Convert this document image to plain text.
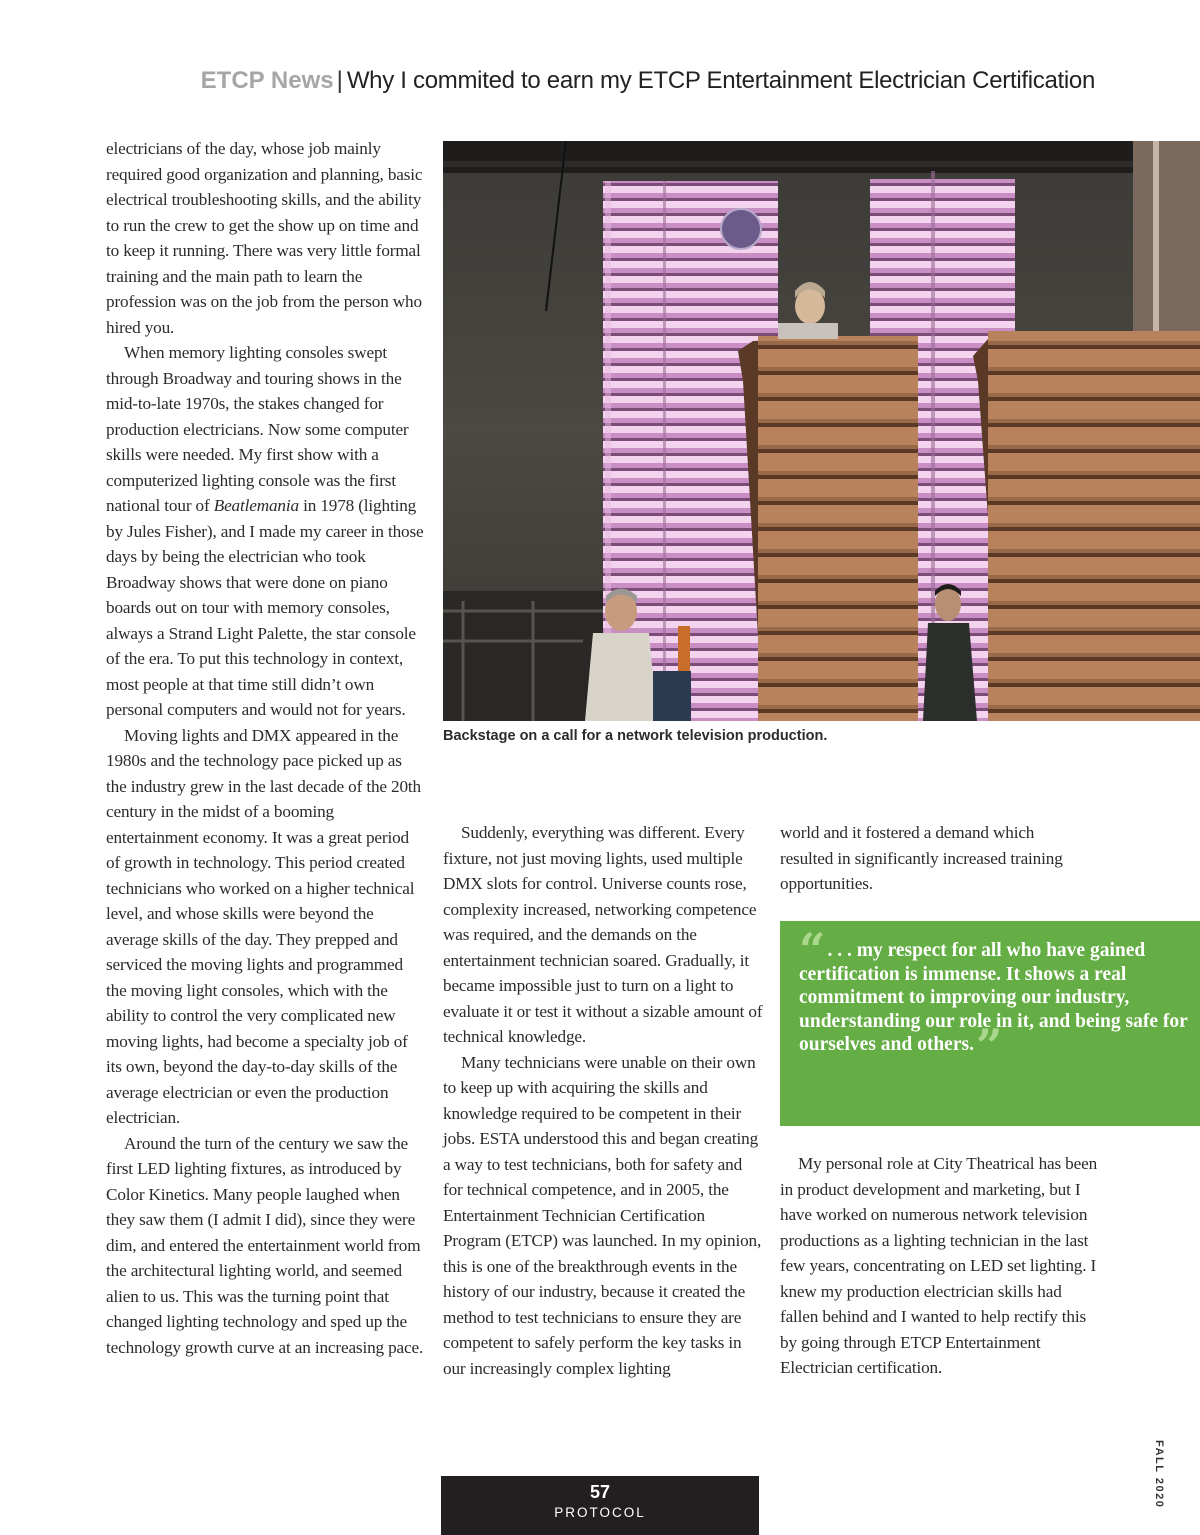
ETCP News | Why I commited to earn my ETCP Entertainment Electrician Certification

electricians of the day, whose job mainly required good organization and planning, basic electrical troubleshooting skills, and the ability to run the crew to get the show up on time and to keep it running. There was very little formal training and the main path to learn the profession was on the job from the person who hired you.

When memory lighting consoles swept through Broadway and touring shows in the mid-to-late 1970s, the stakes changed for production electricians. Now some computer skills were needed. My first show with a computerized lighting console was the first national tour of Beatlemania in 1978 (lighting by Jules Fisher), and I made my career in those days by being the electrician who took Broadway shows that were done on piano boards out on tour with memory consoles, always a Strand Light Palette, the star console of the era. To put this technology in context, most people at that time still didn’t own personal computers and would not for years.

Moving lights and DMX appeared in the 1980s and the technology pace picked up as the industry grew in the last decade of the 20th century in the midst of a booming entertainment economy. It was a great period of growth in technology. This period created technicians who worked on a higher technical level, and whose skills were beyond the average skills of the day. They prepped and serviced the moving lights and programmed the moving light consoles, which with the ability to control the very complicated new moving lights, had become a specialty job of its own, beyond the day-to-day skills of the average electrician or even the production electrician.

Around the turn of the century we saw the first LED lighting fixtures, as introduced by Color Kinetics. Many people laughed when they saw them (I admit I did), since they were dim, and entered the entertainment world from the architectural lighting world, and seemed alien to us. This was the turning point that changed lighting technology and sped up the technology growth curve at an increasing pace.

Backstage on a call for a network television production.

Suddenly, everything was different. Every fixture, not just moving lights, used multiple DMX slots for control. Universe counts rose, complexity increased, networking competence was required, and the demands on the entertainment technician soared. Gradually, it became impossible just to turn on a light to evaluate it or test it without a sizable amount of technical knowledge.

Many technicians were unable on their own to keep up with acquiring the skills and knowledge required to be competent in their jobs. ESTA understood this and began creating a way to test technicians, both for safety and for technical competence, and in 2005, the Entertainment Technician Certification Program (ETCP) was launched. In my opinion, this is one of the breakthrough events in the history of our industry, because it created the method to test technicians to ensure they are competent to safely perform the key tasks in our increasingly complex lighting

world and it fostered a demand which resulted in significantly increased training opportunities.

“ . . . my respect for all who have gained certification is immense. It shows a real commitment to improving our industry, understanding our role in it, and being safe for ourselves and others.”

My personal role at City Theatrical has been in product development and marketing, but I have worked on numerous network television productions as a lighting technician in the last few years, concentrating on LED set lighting. I knew my production electrician skills had fallen behind and I wanted to help rectify this by going through ETCP Entertainment Electrician certification.

57
PROTOCOL
FALL 2020
